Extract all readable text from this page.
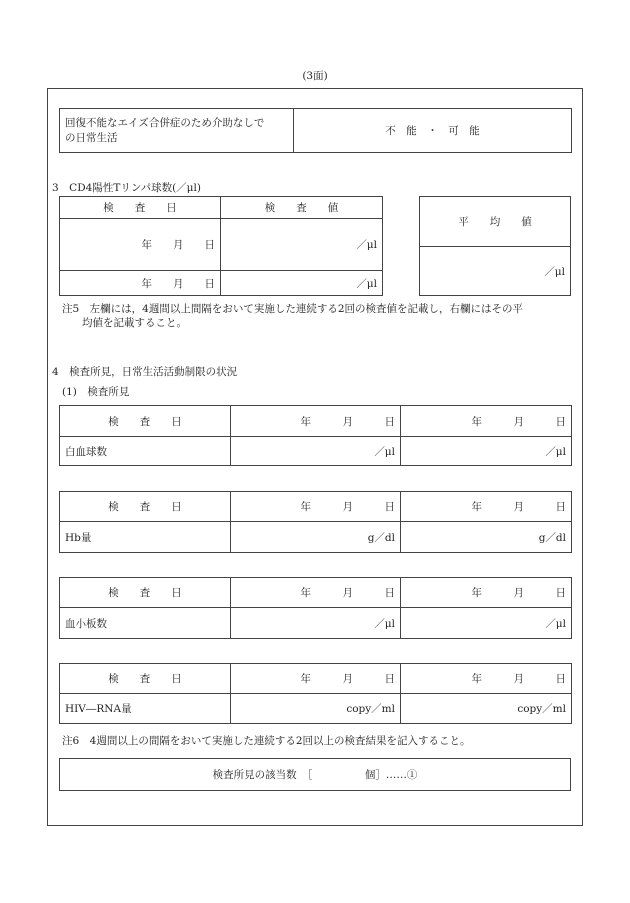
(3面)
回復不能なエイズ合併症のため介助なしで
の日常生活
	不　能　・　可　能
3　CD4陽性Tリンパ球数(／μl)
検　　査　　日	検　　査　　値
年　　月　　日	／μl
年　　月　　日	／μl
平　　均　　値
／μl
注5　左欄には，4週間以上間隔をおいて実施した連続する2回の検査値を記載し，右欄にはその平
均値を記載すること。
4　検査所見，日常生活活動制限の状況
(1)　検査所見
検　　査　　日	年　　　月　　　日	年　　　月　　　日
白血球数	／μl	／μl
検　　査　　日	年　　　月　　　日	年　　　月　　　日
Hb量	g／dl	g／dl
検　　査　　日	年　　　月　　　日	年　　　月　　　日
血小板数	／μl	／μl
検　　査　　日	年　　　月　　　日	年　　　月　　　日
HIV―RNA量	copy／ml	copy／ml
注6　4週間以上の間隔をおいて実施した連続する2回以上の検査結果を記入すること。
検査所見の該当数　［　　　　　個］……①
